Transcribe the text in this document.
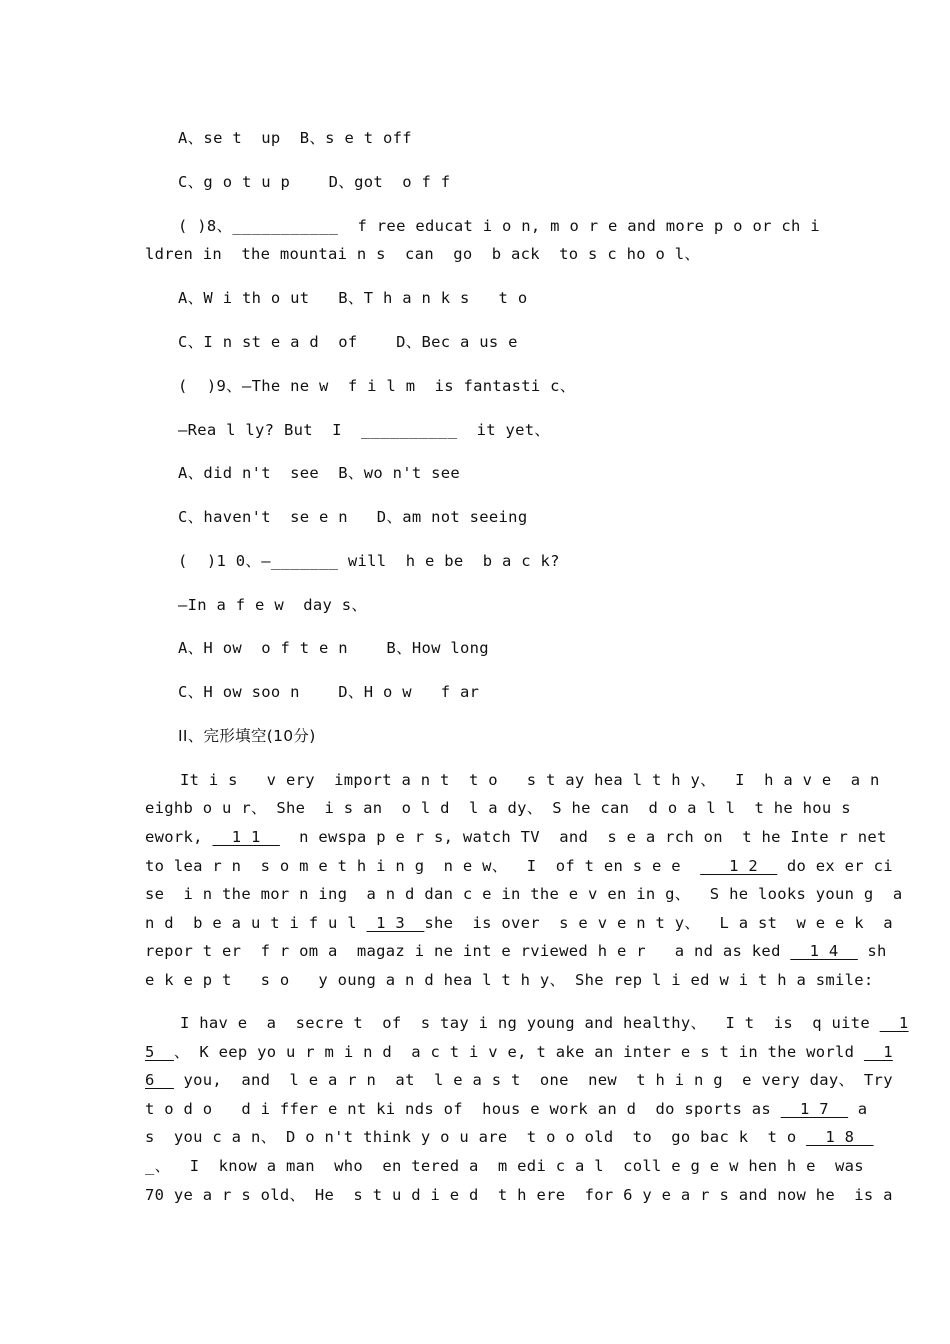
A、se t  up  B、s e t off
C、g o t u p    D、got  o f f
( )8、___________  f ree educat i o n, m o r e and more p o or ch i
ldren in  the mountai n s  can  go  b ack  to s c ho o l、
A、W i th o ut   B、T h a n k s   t o
C、I n st e a d  of    D、Bec a us e
(  )9、—The ne w  f i l m  is fantasti c、
—Rea l ly? But  I  __________  it yet、
A、did n't  see  B、wo n't see
C、haven't  se e n   D、am not seeing
(  )1 0、—_______ will  h e be  b a c k?
—In a f e w  day s、
A、H ow  o f t e n    B、How long
C、H ow soo n    D、H o w   f ar
II、完形填空(10分)
It i s   v ery  import a n t  t o   s t ay hea l t h y、  I  h a v e  a n
eighb o u r、 She  i s an  o l d  l a dy、 S he can  d o a l l  t he hou s
ework,   1 1    n ewspa p e r s, watch TV  and  s e a rch on  t he Inte r net
to lea r n  s o m e t h i n g  n e w、  I  of t en s e e     1 2   do ex er ci
se  i n the mor n ing  a n d dan c e in the e v en in g、  S he looks youn g  a
n d  b e a u t i f u l  1 3  she  is over  s e v e n t y、  L a st  w e e k  a
repor t er  f r om a  magaz i ne int e rviewed h e r   a nd as ked   1 4   sh
e k e p t   s o   y oung a n d hea l t h y、 She rep l i ed w i t h a smile:
I hav e  a  secre t  of  s tay i ng young and healthy、  I t  is  q uite   1
5  、 K eep yo u r m i n d  a c t i v e, t ake an inter e s t in the world   1
6   you,  and  l e a r n  at  l e a s t  one  new  t h i n g  e very day、 Try
t o d o   d i ffer e nt ki nds of  hous e work an d  do sports as   1 7   a
s  you c a n、 D o n't think y o u are  t o o old  to  go bac k  t o   1 8
_、  I  know a man  who  en tered a  m edi c a l  coll e g e w hen h e  was
70 ye a r s old、 He  s t u d i e d  t h ere  for 6 y e a r s and now he  is a
